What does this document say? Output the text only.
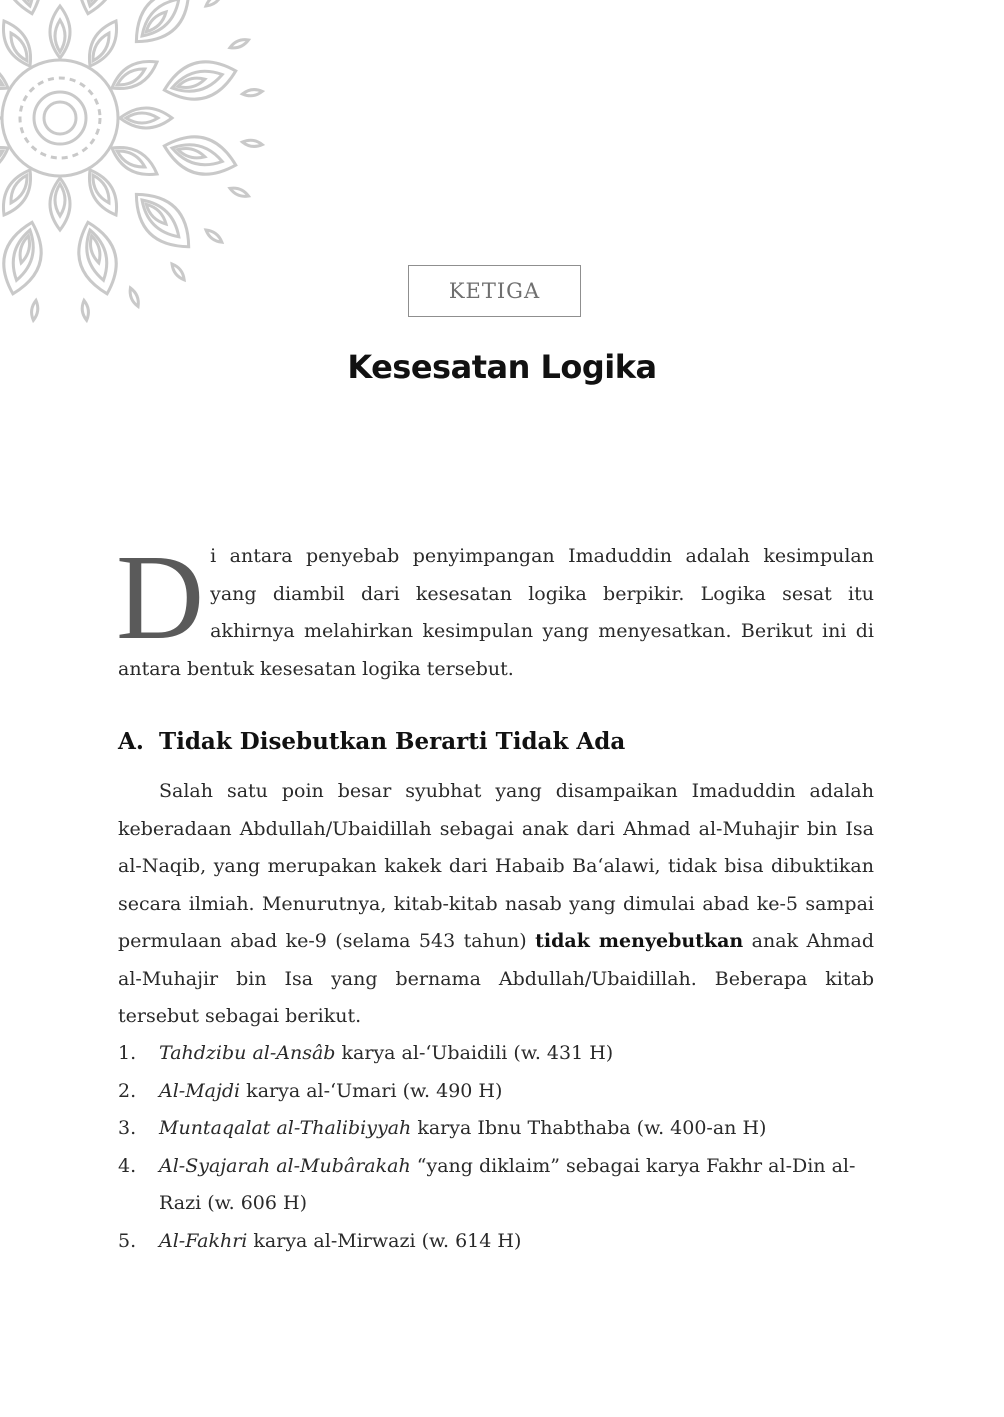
KETIGA
Kesesatan Logika
Di antara penyebab penyimpangan Imaduddin adalah kesimpulan yang diambil dari kesesatan logika berpikir. Logika sesat itu akhirnya melahirkan kesimpulan yang menyesatkan. Berikut ini di antara bentuk kesesatan logika tersebut.
A. Tidak Disebutkan Berarti Tidak Ada
Salah satu poin besar syubhat yang disampaikan Imaduddin adalah keberadaan Abdullah/Ubaidillah sebagai anak dari Ahmad al-Muhajir bin Isa al-Naqib, yang merupakan kakek dari Habaib Ba‘alawi, tidak bisa dibuktikan secara ilmiah. Menurutnya, kitab-kitab nasab yang dimulai abad ke-5 sampai permulaan abad ke-9 (selama 543 tahun) tidak menyebutkan anak Ahmad al-Muhajir bin Isa yang bernama Abdullah/Ubaidillah. Beberapa kitab tersebut sebagai berikut.
1. Tahdzibu al-Ansâb karya al-‘Ubaidili (w. 431 H)
2. Al-Majdi karya al-‘Umari (w. 490 H)
3. Muntaqalat al-Thalibiyyah karya Ibnu Thabthaba (w. 400-an H)
4. Al-Syajarah al-Mubârakah “yang diklaim” sebagai karya Fakhr al-Din al-Razi (w. 606 H)
5. Al-Fakhri karya al-Mirwazi (w. 614 H)
